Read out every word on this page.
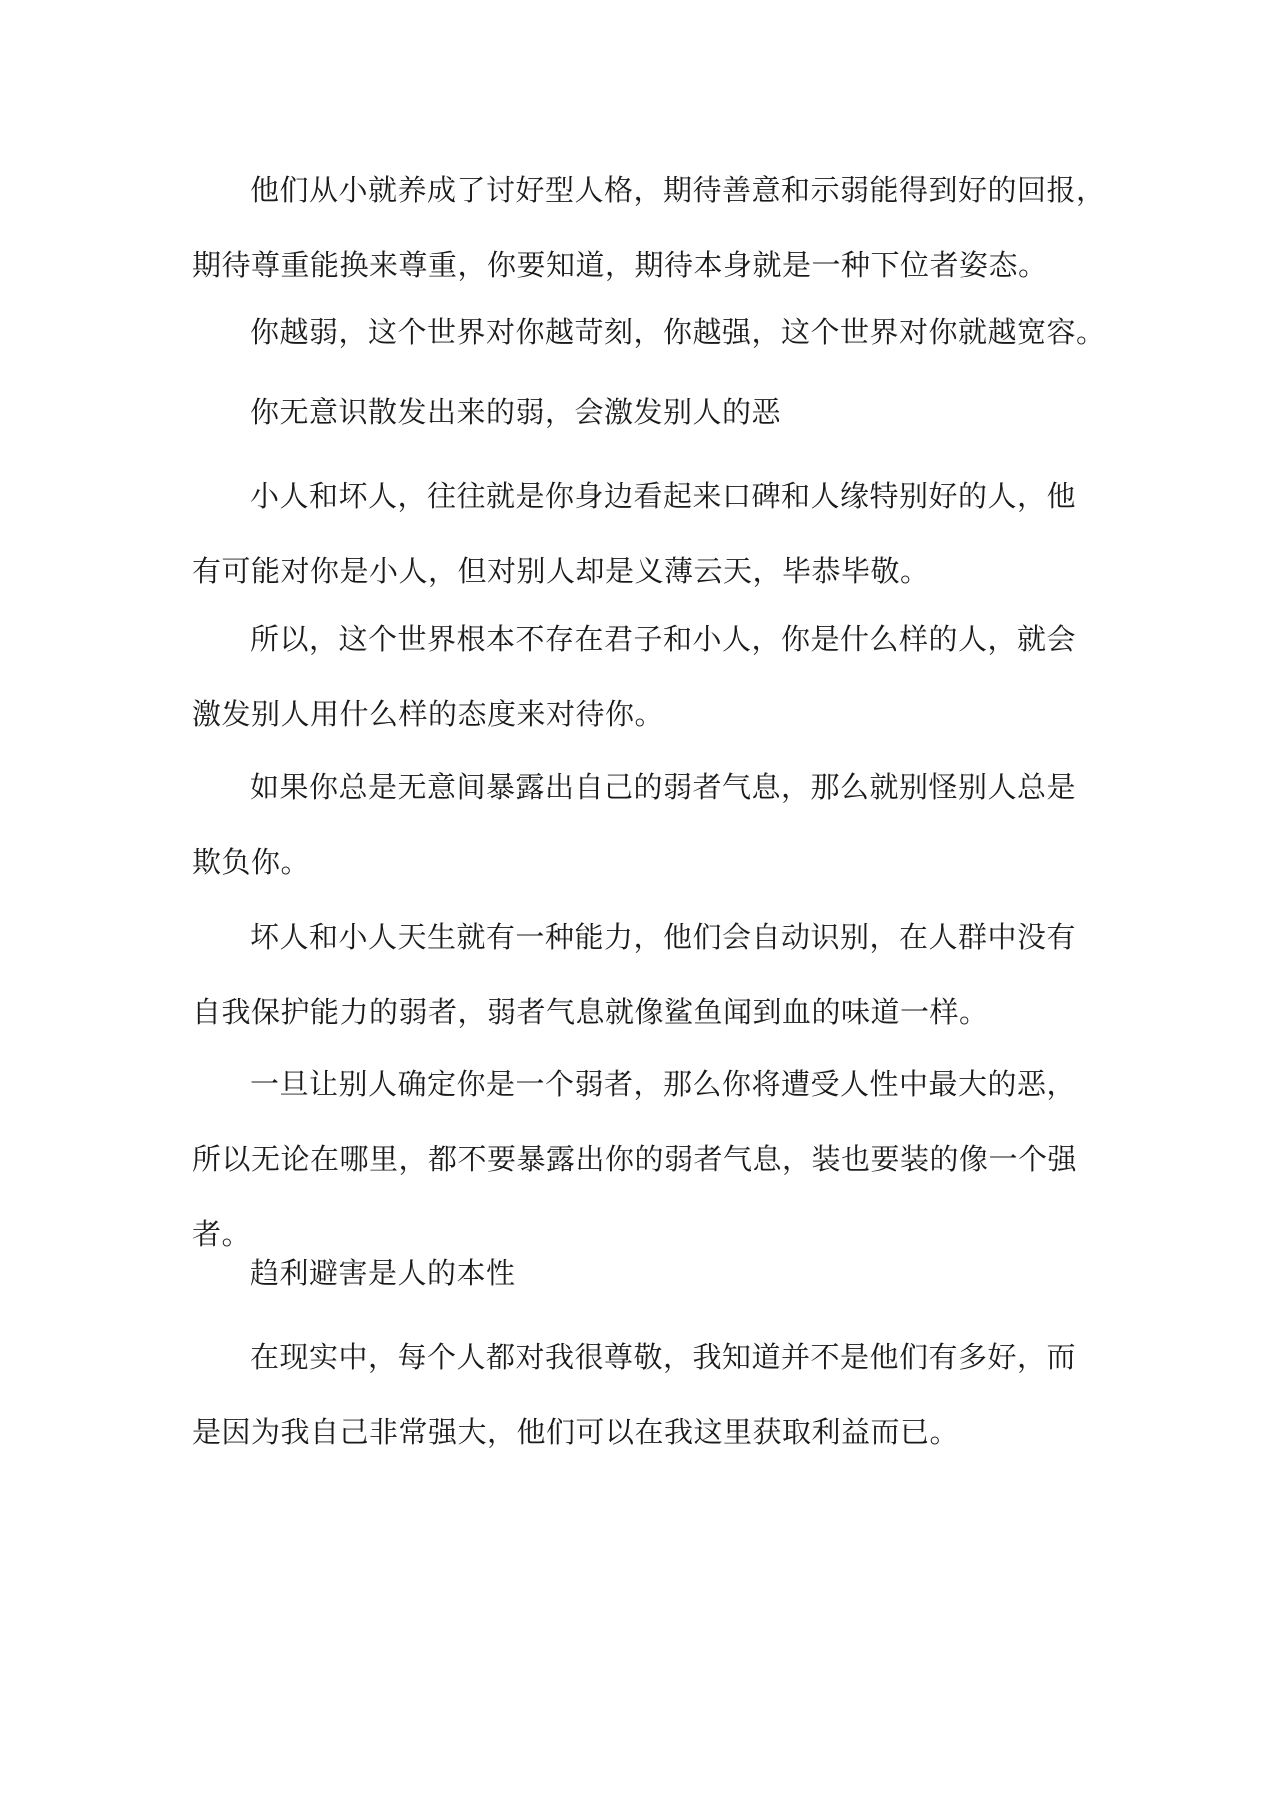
他们从小就养成了讨好型人格，期待善意和示弱能得到好的回报，
期待尊重能换来尊重，你要知道，期待本身就是一种下位者姿态。
你越弱，这个世界对你越苛刻，你越强，这个世界对你就越宽容。
你无意识散发出来的弱，会激发别人的恶
小人和坏人，往往就是你身边看起来口碑和人缘特别好的人，他
有可能对你是小人，但对别人却是义薄云天，毕恭毕敬。
所以，这个世界根本不存在君子和小人，你是什么样的人，就会
激发别人用什么样的态度来对待你。
如果你总是无意间暴露出自己的弱者气息，那么就别怪别人总是
欺负你。
坏人和小人天生就有一种能力，他们会自动识别，在人群中没有
自我保护能力的弱者，弱者气息就像鲨鱼闻到血的味道一样。
一旦让别人确定你是一个弱者，那么你将遭受人性中最大的恶，
所以无论在哪里，都不要暴露出你的弱者气息，装也要装的像一个强
者。
趋利避害是人的本性
在现实中，每个人都对我很尊敬，我知道并不是他们有多好，而
是因为我自己非常强大，他们可以在我这里获取利益而已。
